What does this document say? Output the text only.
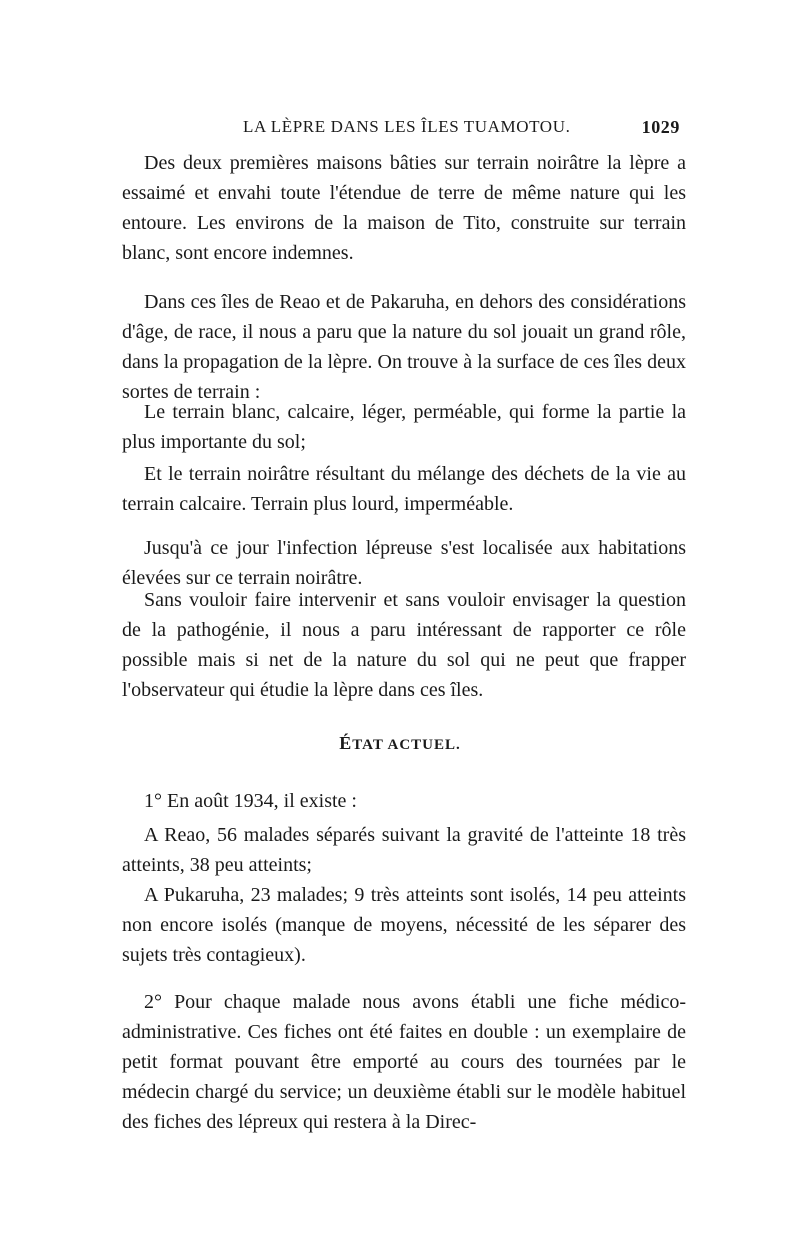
LA LÈPRE DANS LES ÎLES TUAMOTOU.	1029

Des deux premières maisons bâties sur terrain noirâtre la lèpre a essaimé et envahi toute l'étendue de terre de même nature qui les entoure. Les environs de la maison de Tito, construite sur terrain blanc, sont encore indemnes.

Dans ces îles de Reao et de Pakaruha, en dehors des considérations d'âge, de race, il nous a paru que la nature du sol jouait un grand rôle, dans la propagation de la lèpre. On trouve à la surface de ces îles deux sortes de terrain :

Le terrain blanc, calcaire, léger, perméable, qui forme la partie la plus importante du sol;

Et le terrain noirâtre résultant du mélange des déchets de la vie au terrain calcaire. Terrain plus lourd, imperméable.

Jusqu'à ce jour l'infection lépreuse s'est localisée aux habitations élevées sur ce terrain noirâtre.

Sans vouloir faire intervenir et sans vouloir envisager la question de la pathogénie, il nous a paru intéressant de rapporter ce rôle possible mais si net de la nature du sol qui ne peut que frapper l'observateur qui étudie la lèpre dans ces îles.

ÉTAT ACTUEL.
1° En août 1934, il existe :

A Reao, 56 malades séparés suivant la gravité de l'atteinte 18 très atteints, 38 peu atteints;

A Pukaruha, 23 malades; 9 très atteints sont isolés, 14 peu atteints non encore isolés (manque de moyens, nécessité de les séparer des sujets très contagieux).

2° Pour chaque malade nous avons établi une fiche médico-administrative. Ces fiches ont été faites en double : un exemplaire de petit format pouvant être emporté au cours des tournées par le médecin chargé du service; un deuxième établi sur le modèle habituel des fiches des lépreux qui restera à la Direc-
